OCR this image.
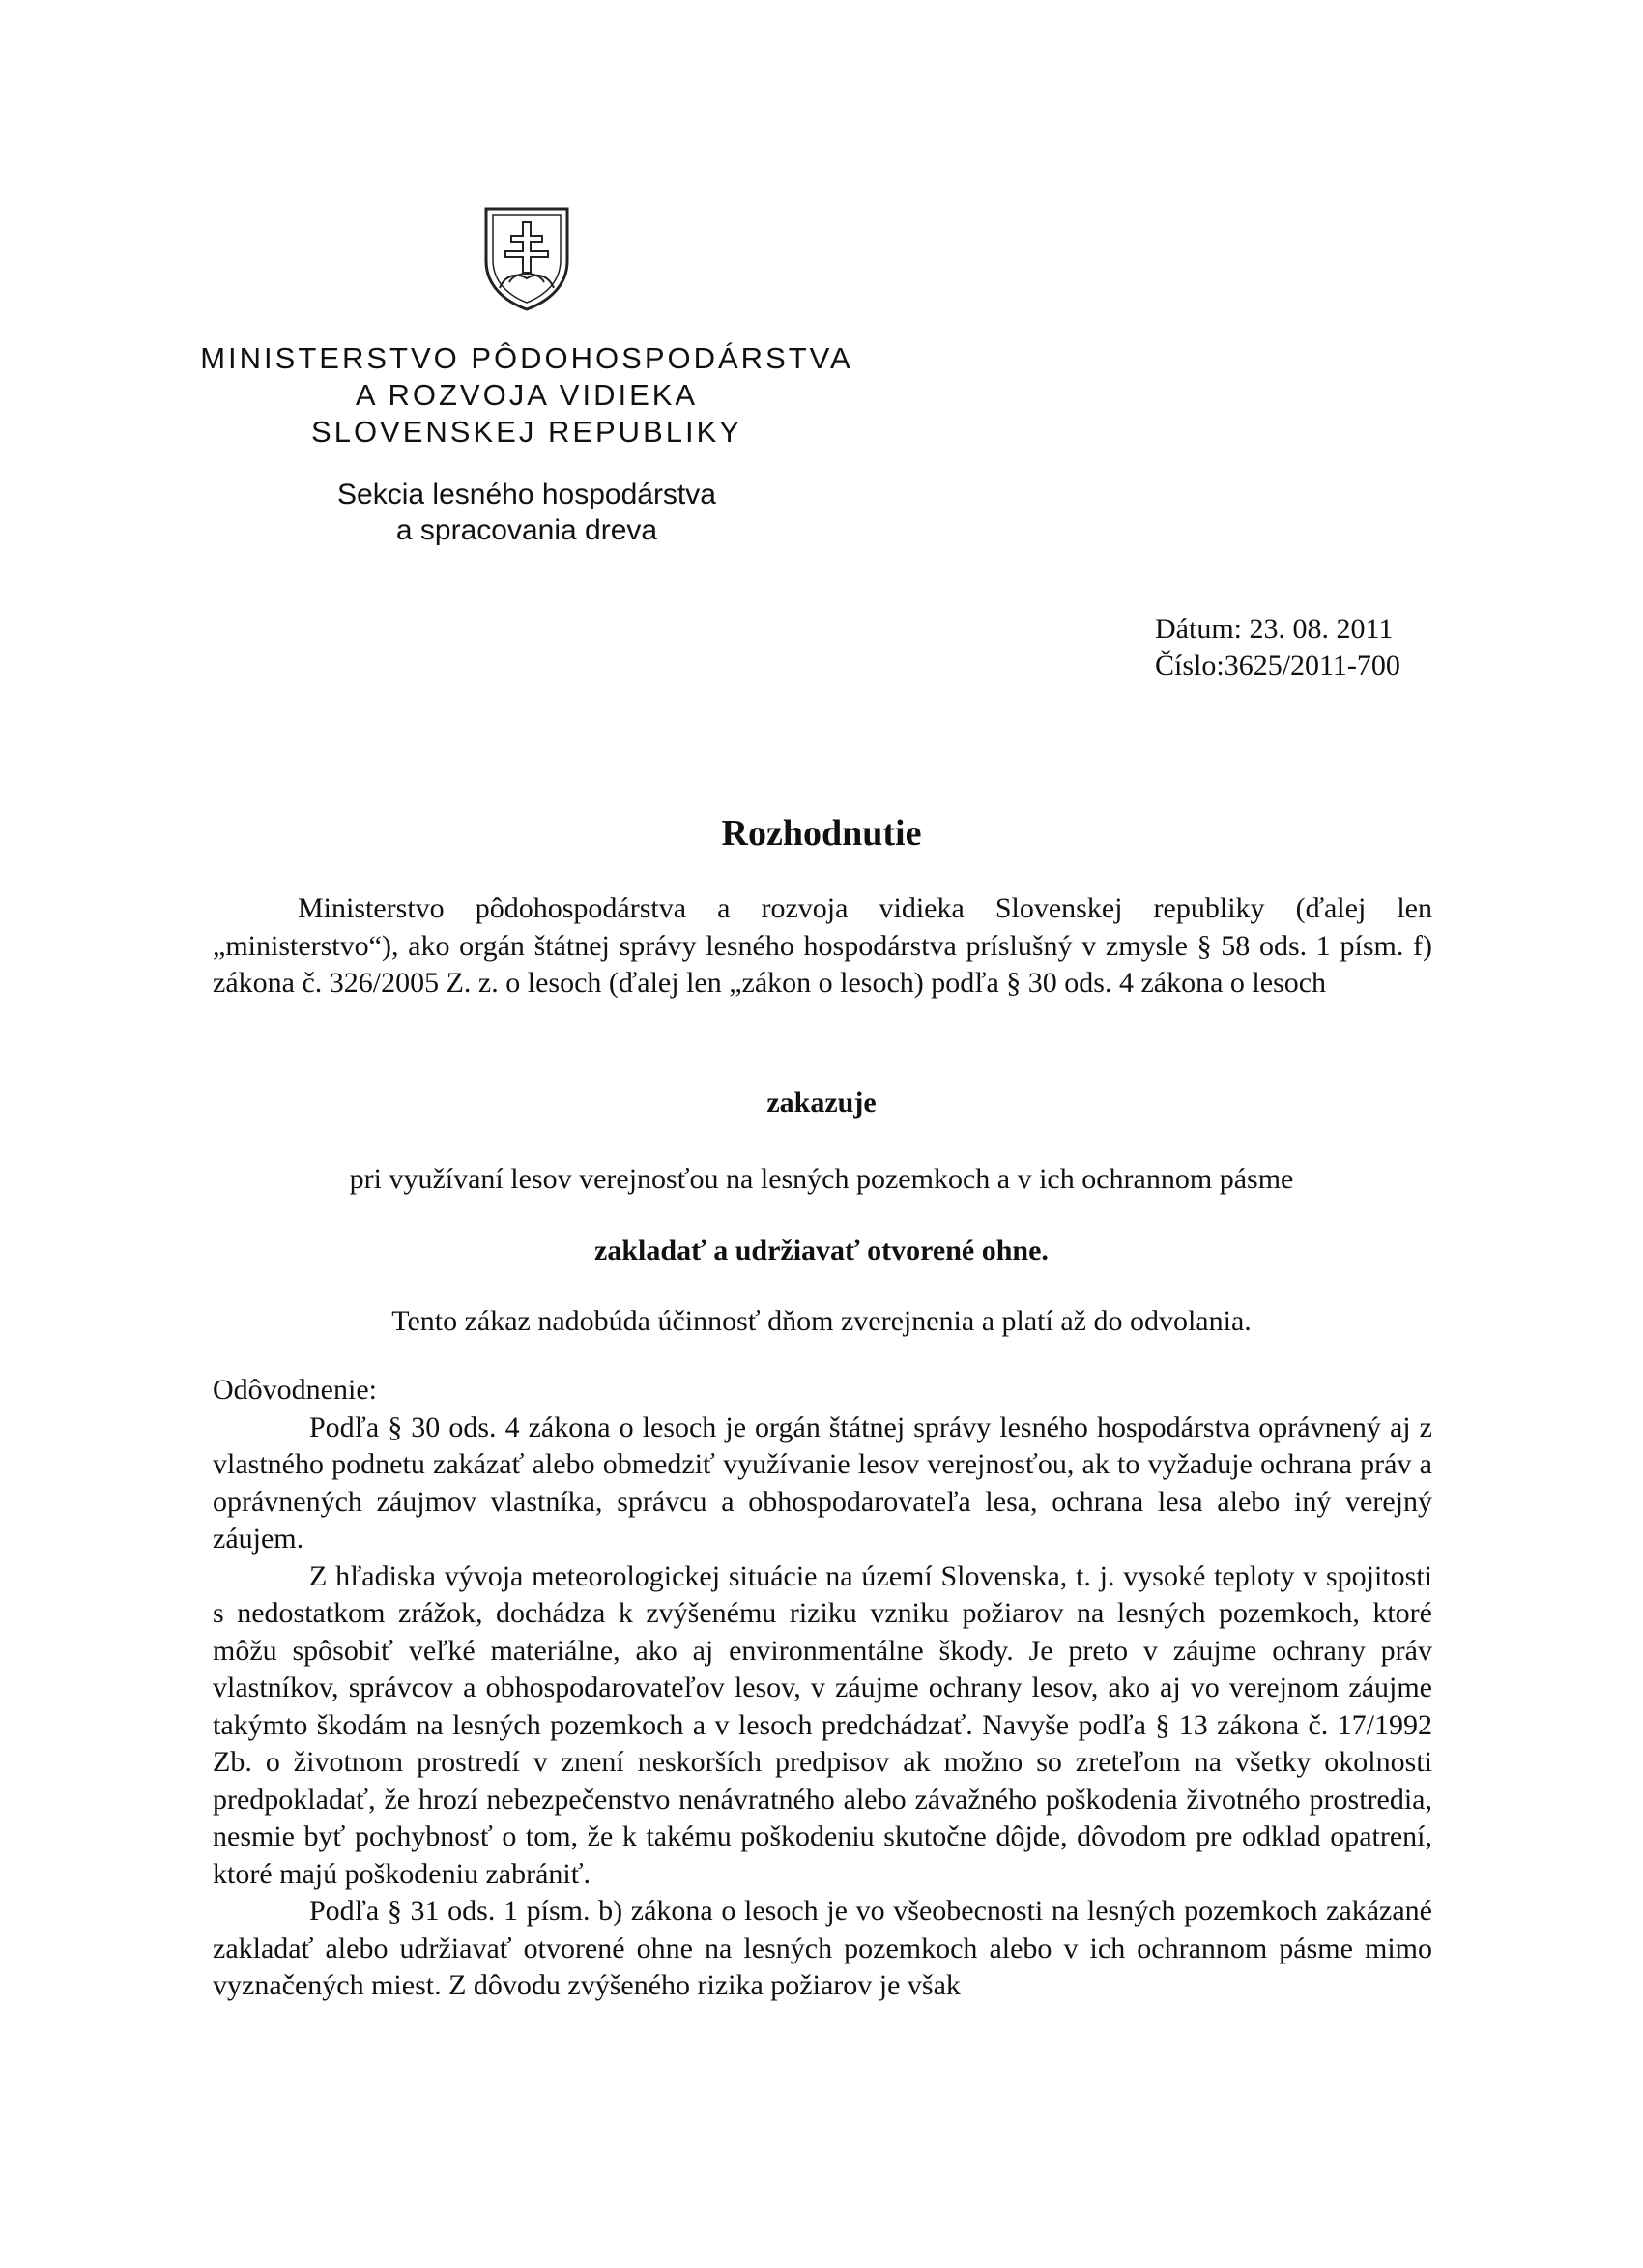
MINISTERSTVO PÔDOHOSPODÁRSTVA
A ROZVOJA VIDIEKA
SLOVENSKEJ REPUBLIKY
Sekcia lesného hospodárstva
a spracovania dreva
Dátum: 23. 08. 2011
Číslo:3625/2011-700
Rozhodnutie
Ministerstvo pôdohospodárstva a rozvoja vidieka Slovenskej republiky (ďalej len „ministerstvo“), ako orgán štátnej správy lesného hospodárstva príslušný v zmysle § 58 ods. 1 písm. f) zákona č. 326/2005 Z. z. o lesoch (ďalej len „zákon o lesoch) podľa § 30 ods. 4 zákona o lesoch
zakazuje
pri využívaní lesov verejnosťou na lesných pozemkoch a v ich ochrannom pásme
zakladať a udržiavať otvorené ohne.
Tento zákaz nadobúda účinnosť dňom zverejnenia a platí až do odvolania.
Odôvodnenie:
Podľa § 30 ods. 4 zákona o lesoch je orgán štátnej správy lesného hospodárstva oprávnený aj z vlastného podnetu zakázať alebo obmedziť využívanie lesov verejnosťou, ak to vyžaduje ochrana práv a oprávnených záujmov vlastníka, správcu a obhospodarovateľa lesa, ochrana lesa alebo iný verejný záujem.
Z hľadiska vývoja meteorologickej situácie na území Slovenska, t. j. vysoké teploty v spojitosti s nedostatkom zrážok, dochádza k zvýšenému riziku vzniku požiarov na lesných pozemkoch, ktoré môžu spôsobiť veľké materiálne, ako aj environmentálne škody. Je preto v záujme ochrany práv vlastníkov, správcov a obhospodarovateľov lesov, v záujme ochrany lesov, ako aj vo verejnom záujme takýmto škodám na lesných pozemkoch a v lesoch predchádzať. Navyše podľa § 13 zákona č. 17/1992 Zb. o životnom prostredí v znení neskorších predpisov ak možno so zreteľom na všetky okolnosti predpokladať, že hrozí nebezpečenstvo nenávratného alebo závažného poškodenia životného prostredia, nesmie byť pochybnosť o tom, že k takému poškodeniu skutočne dôjde, dôvodom pre odklad opatrení, ktoré majú poškodeniu zabrániť.
Podľa § 31 ods. 1 písm. b) zákona o lesoch je vo všeobecnosti na lesných pozemkoch zakázané zakladať alebo udržiavať otvorené ohne na lesných pozemkoch alebo v ich ochrannom pásme mimo vyznačených miest. Z dôvodu zvýšeného rizika požiarov je však
